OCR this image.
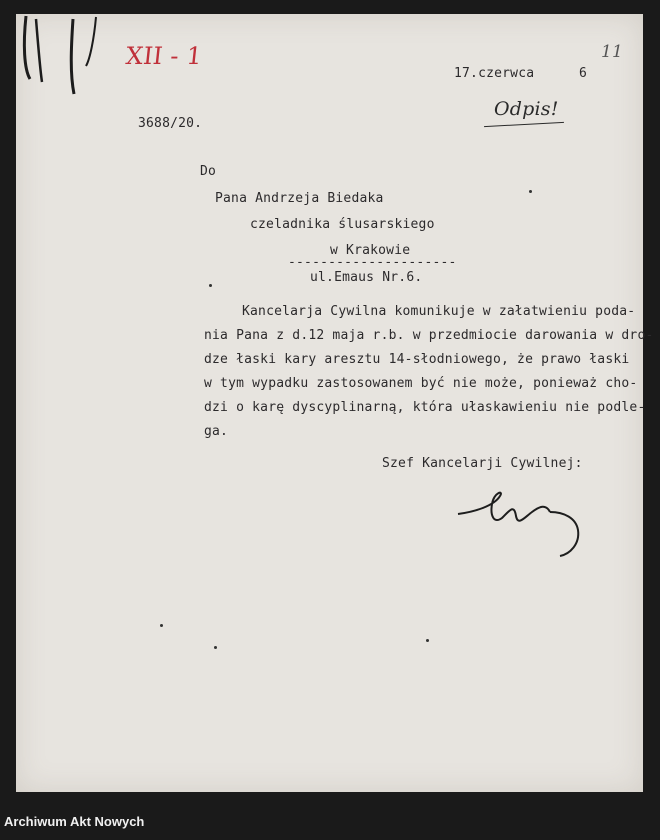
XII - 1	11
17.czerwca	6
Odpis!
3688/20.
Do
Pana Andrzeja Biedaka
czeladnika ślusarskiego
w Krakowie
---------------------
ul.Emaus Nr.6.
Kancelarja Cywilna komunikuje w załatwieniu poda-
nia Pana z d.12 maja r.b. w przedmiocie darowania w dro-
dze łaski kary aresztu 14-słodniowego, że prawo łaski
w tym wypadku zastosowanem być nie może, ponieważ cho-
dzi o karę dyscyplinarną, która ułaskawieniu nie podle-
ga.
Szef Kancelarji Cywilnej:
Archiwum Akt Nowych
